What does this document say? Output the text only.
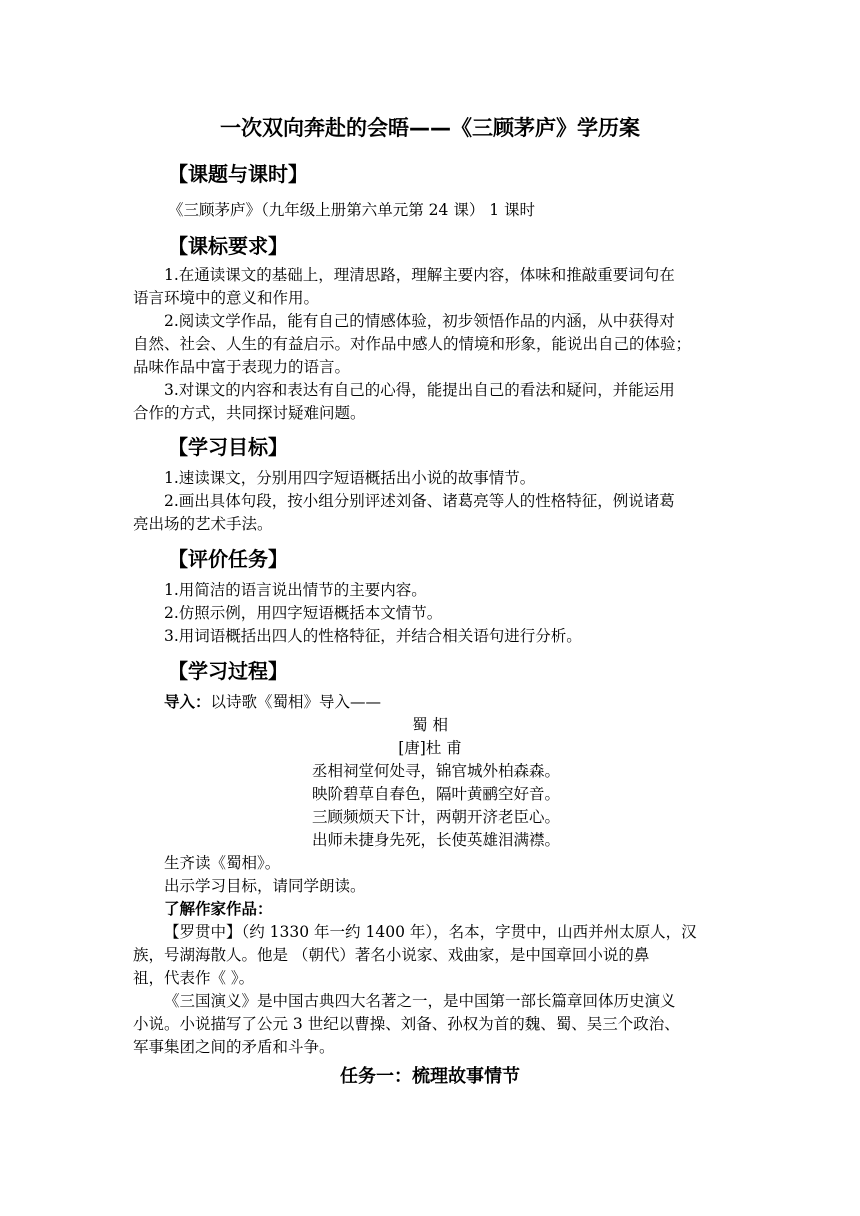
一次双向奔赴的会晤——《三顾茅庐》学历案
【课题与课时】
《三顾茅庐》（九年级上册第六单元第 24 课） 1 课时
【课标要求】
1.在通读课文的基础上，理清思路，理解主要内容，体味和推敲重要词句在
语言环境中的意义和作用。
2.阅读文学作品，能有自己的情感体验，初步领悟作品的内涵，从中获得对
自然、社会、人生的有益启示。对作品中感人的情境和形象，能说出自己的体验；
品味作品中富于表现力的语言。
3.对课文的内容和表达有自己的心得，能提出自己的看法和疑问，并能运用
合作的方式，共同探讨疑难问题。
【学习目标】
1.速读课文，分别用四字短语概括出小说的故事情节。
2.画出具体句段，按小组分别评述刘备、诸葛亮等人的性格特征，例说诸葛
亮出场的艺术手法。
【评价任务】
1.用简洁的语言说出情节的主要内容。
2.仿照示例，用四字短语概括本文情节。
3.用词语概括出四人的性格特征，并结合相关语句进行分析。
【学习过程】
导入：以诗歌《蜀相》导入——
蜀 相
[唐]杜 甫
丞相祠堂何处寻，锦官城外柏森森。
映阶碧草自春色，隔叶黄鹂空好音。
三顾频烦天下计，两朝开济老臣心。
出师未捷身先死，长使英雄泪满襟。
生齐读《蜀相》。
出示学习目标，请同学朗读。
了解作家作品：
【罗贯中】（约 1330 年一约 1400 年），名本，字贯中，山西并州太原人，汉
族，号湖海散人。他是 （朝代）著名小说家、戏曲家，是中国章回小说的鼻
祖，代表作《 》。
《三国演义》是中国古典四大名著之一，是中国第一部长篇章回体历史演义
小说。小说描写了公元 3 世纪以曹操、刘备、孙权为首的魏、蜀、吴三个政治、
军事集团之间的矛盾和斗争。
任务一：梳理故事情节
